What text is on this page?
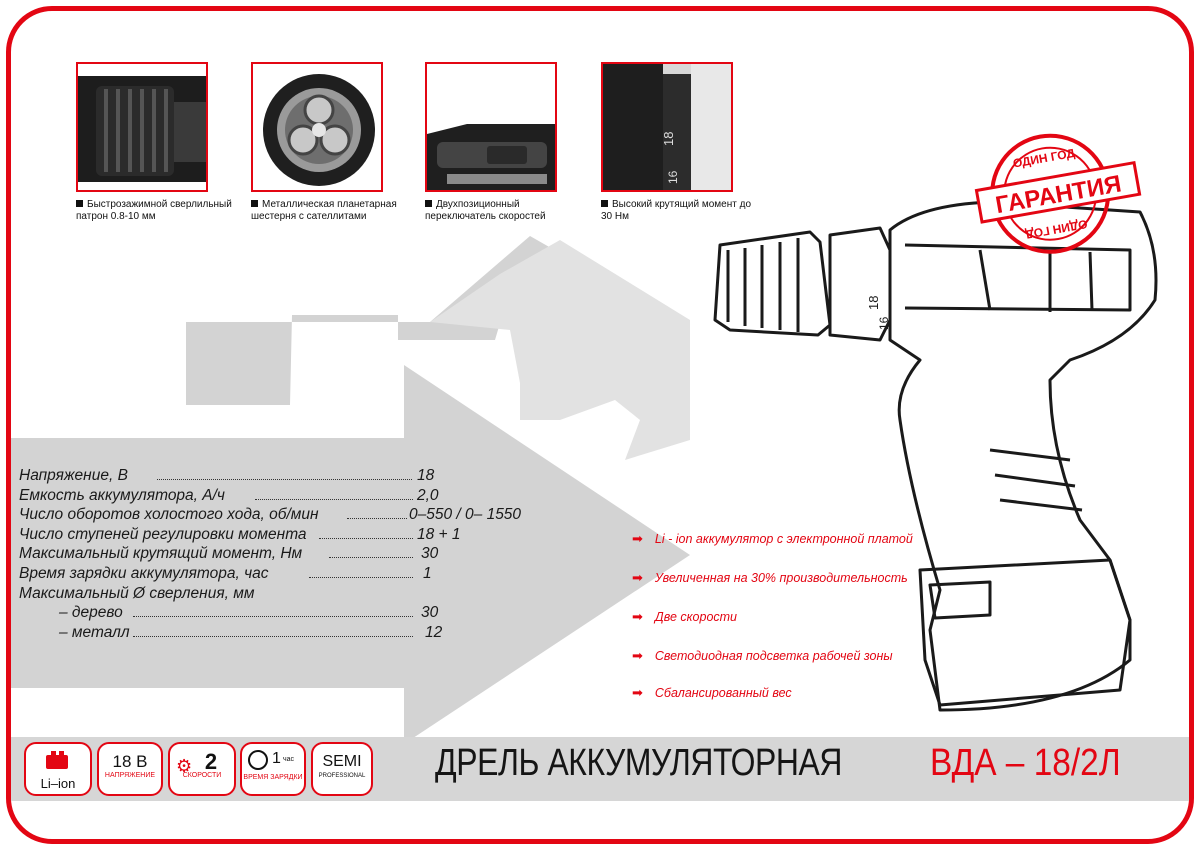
Быстрозажимной сверлильный патрон 0.8-10 мм
Металлическая планетарная шестерня с сателлитами
Двухпозиционный переключатель скоростей
18
16
Высокий крутящий момент до 30 Нм
18
16
ОДИН ГОД
ГАРАНТИЯ
ОДИН ГОД
Напряжение, В	18
Емкость аккумулятора, А/ч	2,0
Число оборотов холостого хода, об/мин	0–550 / 0– 1550
Число ступеней регулировки момента	18 + 1
Максимальный крутящий момент, Нм	30
Время зарядки аккумулятора, час	1
Максимальный Ø сверления, мм
– дерево	30
– металл	12
➡ Li - ion аккумулятор с электронной платой
➡ Увеличенная на 30% производительность
➡ Две скорости
➡ Светодиодная подсветка рабочей зоны
➡ Сбалансированный вес
Li–ion
18 В
НАПРЯЖЕНИЕ	⚙ 2
СКОРОСТИ
1 час
ВРЕМЯ ЗАРЯДКИ
SEMI
PROFESSIONAL ДРЕЛЬ АККУМУЛЯТОРНАЯ ВДА – 18/2Л
